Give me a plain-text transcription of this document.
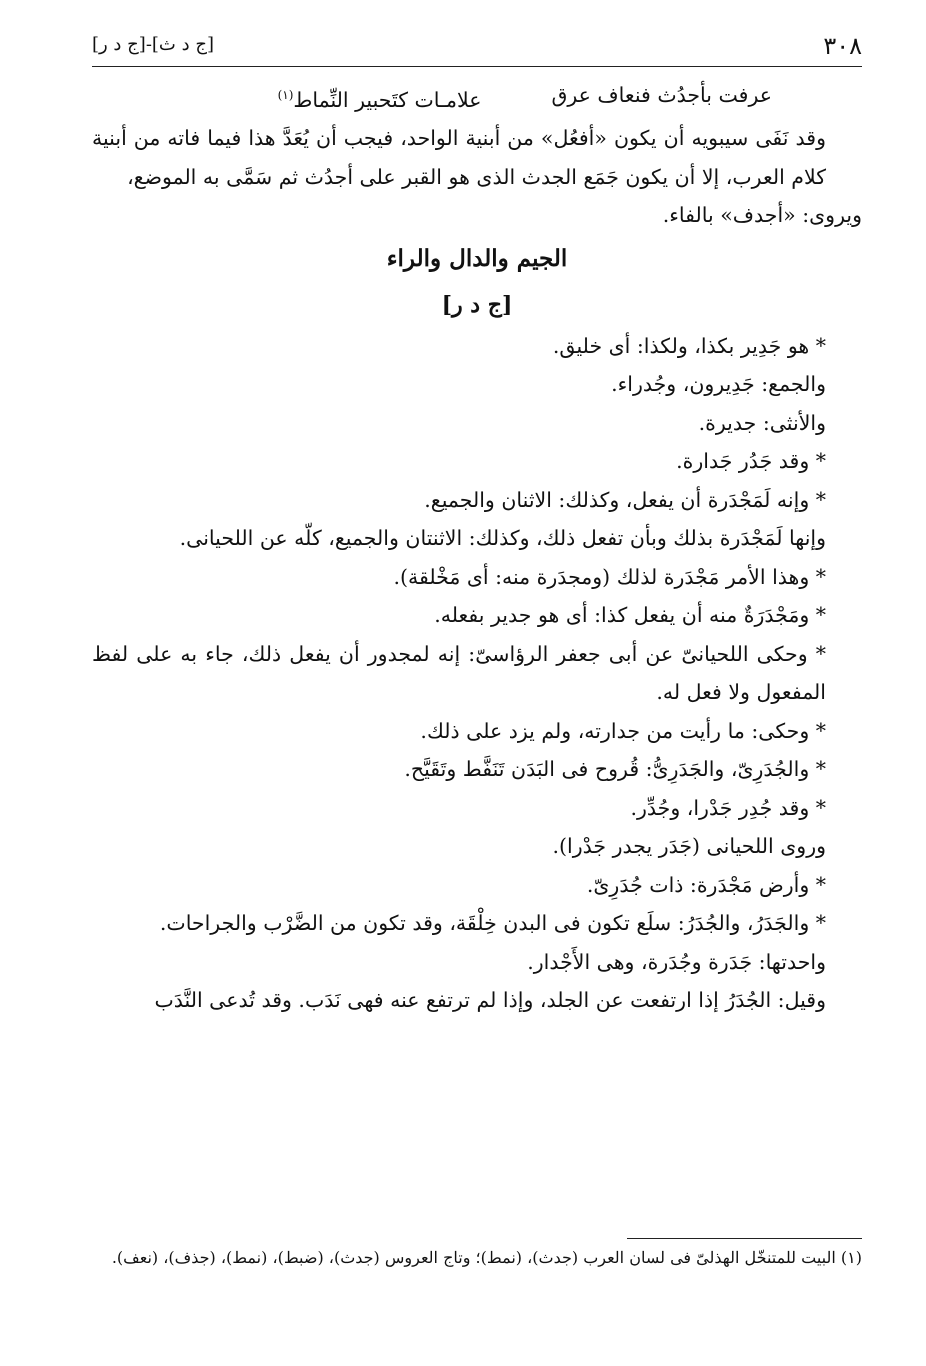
٣٠٨
[ج د ث]-[ج د ر]
عرفت بأجدُث فنعاف عرق
علامـات كتَحبير النِّماط$^{(١)}$

وقد نَفَى سيبويه أن يكون «أفعُل» من أبنية الواحد، فيجب أن يُعَدَّ هذا فيما فاته من أبنية كلام العرب، إلا أن يكون جَمَع الجدث الذى هو القبر على أجدُث ثم سَمَّى به الموضع،

ويروى: «أجدف» بالفاء.

الجيم والدال والراء
[ج د ر]

* هو جَدِير بكذا، ولكذا: أى خليق.

والجمع: جَدِيرون، وجُدراء.

والأنثى: جديرة.

* وقد جَدُر جَدارة.

* وإنه لَمَجْدَرة أن يفعل، وكذلك: الاثنان والجميع.

وإنها لَمَجْدَرة بذلك وبأن تفعل ذلك، وكذلك: الاثنتان والجميع، كلّه عن اللحيانى.

* وهذا الأمر مَجْدَرة لذلك (ومجدَرة منه: أى مَخْلقة).

* ومَجْدَرَةٌ منه أن يفعل كذا: أى هو جدير بفعله.

* وحكى اللحيانىّ عن أبى جعفر الرؤاسىّ: إنه لمجدور أن يفعل ذلك، جاء به على لفظ المفعول ولا فعل له.

* وحكى: ما رأيت من جدارته، ولم يزد على ذلك.

* والجُدَرِىّ، والجَدَرِىُّ: قُروح فى البَدَن تَنَفَّط وتَقَيَّح.

* وقد جُدِر جَدْرا، وجُدِّر.

وروى اللحيانى (جَدَر يجدر جَدْرا).

* وأرض مَجْدَرة: ذات جُدَرِىّ.

* والجَدَرُ، والجُدَرُ: سلَع تكون فى البدن خِلْقَة، وقد تكون من الضَّرْب والجراحات.

واحدتها: جَدَرة وجُدَرة، وهى الأَجْدار.

وقيل: الجُدَرُ إذا ارتفعت عن الجلد، وإذا لم ترتفع عنه فهى نَدَب. وقد تُدعى النَّدَب

(١) البيت للمتنخّل الهذلىّ فى لسان العرب (جدث)، (نمط)؛ وتاج العروس (جدث)، (ضبط)، (نمط)، (جذف)، (نعف).
